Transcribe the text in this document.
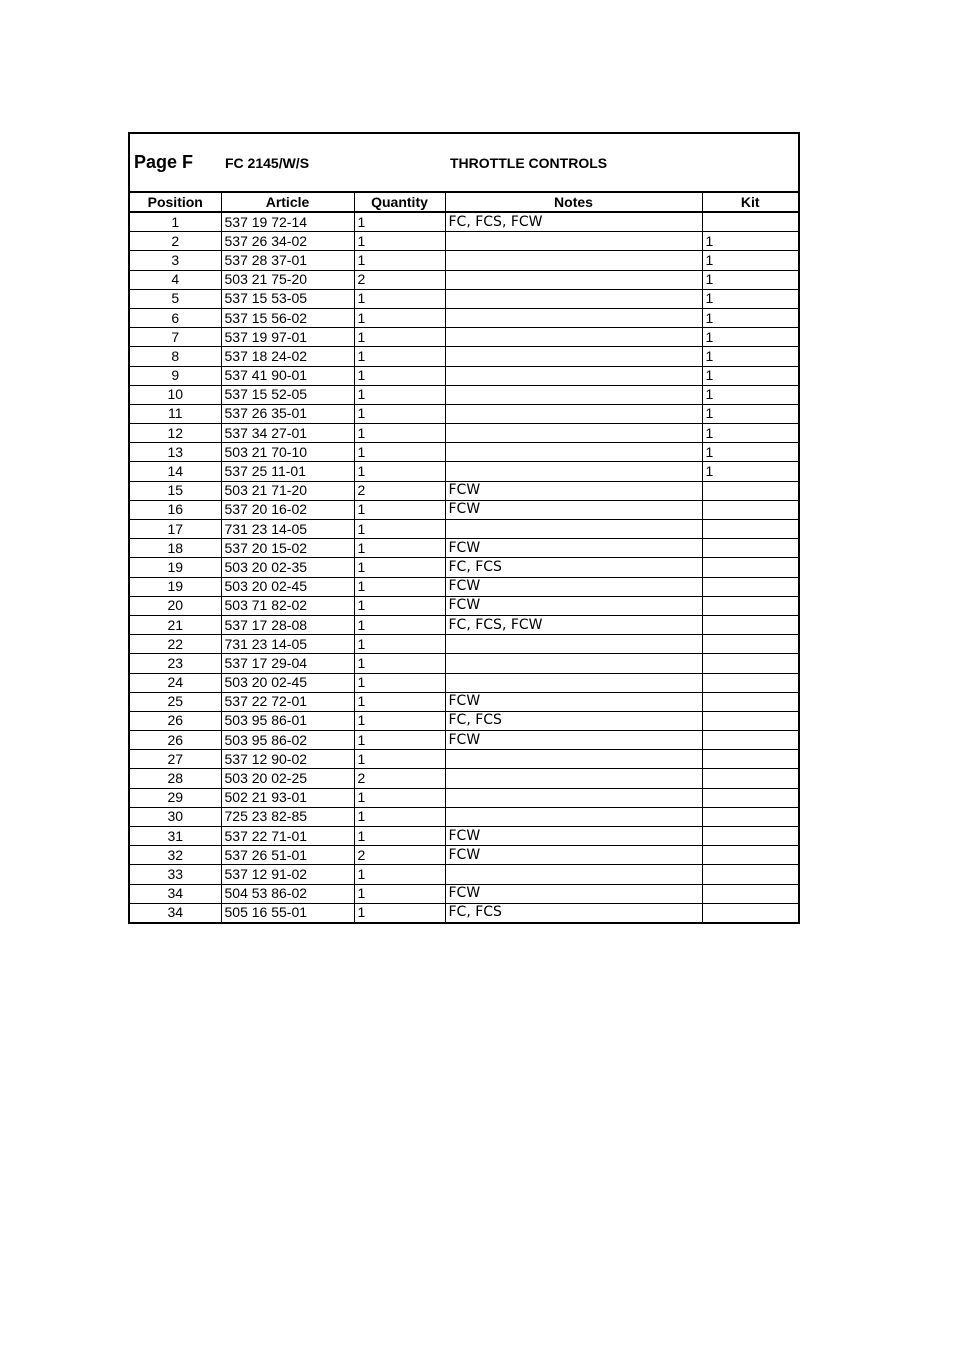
Page F FC 2145/W/S	THROTTLE CONTROLS
Position	Article	Quantity	Notes	Kit
1	537 19 72-14	1	FC, FCS, FCW	
2	537 26 34-02	1		1
3	537 28 37-01	1		1
4	503 21 75-20	2		1
5	537 15 53-05	1		1
6	537 15 56-02	1		1
7	537 19 97-01	1		1
8	537 18 24-02	1		1
9	537 41 90-01	1		1
10	537 15 52-05	1		1
11	537 26 35-01	1		1
12	537 34 27-01	1		1
13	503 21 70-10	1		1
14	537 25 11-01	1		1
15	503 21 71-20	2	FCW	
16	537 20 16-02	1	FCW	
17	731 23 14-05	1		
18	537 20 15-02	1	FCW	
19	503 20 02-35	1	FC, FCS	
19	503 20 02-45	1	FCW	
20	503 71 82-02	1	FCW	
21	537 17 28-08	1	FC, FCS, FCW	
22	731 23 14-05	1		
23	537 17 29-04	1		
24	503 20 02-45	1		
25	537 22 72-01	1	FCW	
26	503 95 86-01	1	FC, FCS	
26	503 95 86-02	1	FCW	
27	537 12 90-02	1		
28	503 20 02-25	2		
29	502 21 93-01	1		
30	725 23 82-85	1		
31	537 22 71-01	1	FCW	
32	537 26 51-01	2	FCW	
33	537 12 91-02	1		
34	504 53 86-02	1	FCW	
34	505 16 55-01	1	FC, FCS	
